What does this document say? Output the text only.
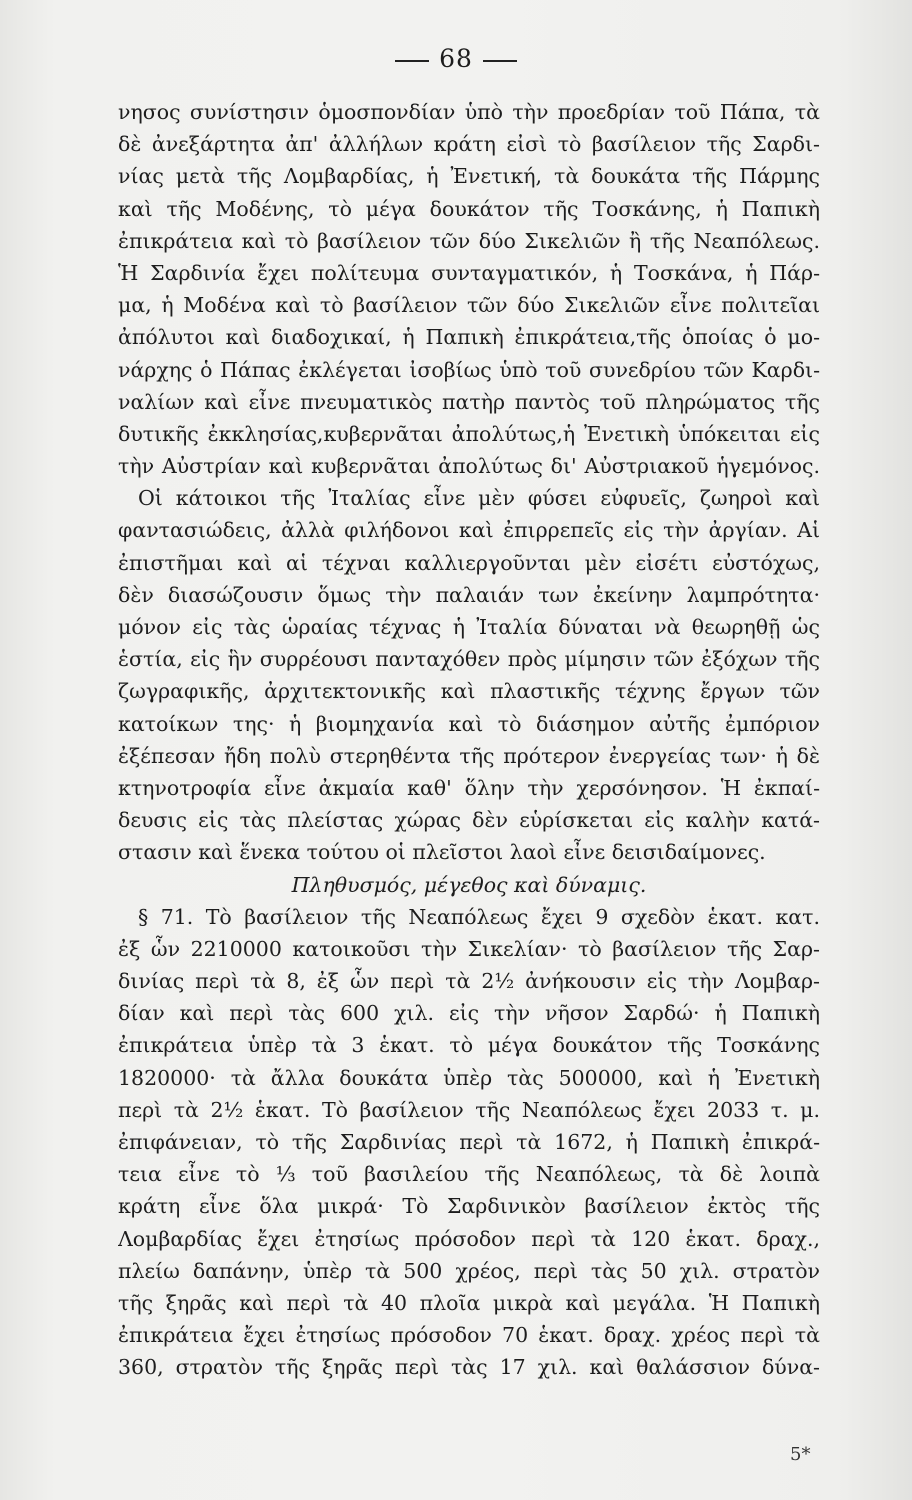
68
νησος συνίστησιν ὁμοσπονδίαν ὑπὸ τὴν προεδρίαν τοῦ Πάπα, τὰ
δὲ ἀνεξάρτητα ἀπ' ἀλλήλων κράτη εἰσὶ τὸ βασίλειον τῆς Σαρδι-
νίας μετὰ τῆς Λομβαρδίας, ἡ Ἐνετική, τὰ δουκάτα τῆς Πάρμης
καὶ τῆς Μοδένης, τὸ μέγα δουκάτον τῆς Τοσκάνης, ἡ Παπικὴ
ἐπικράτεια καὶ τὸ βασίλειον τῶν δύο Σικελιῶν ἢ τῆς Νεαπόλεως.
Ἡ Σαρδινία ἔχει πολίτευμα συνταγματικόν, ἡ Τοσκάνα, ἡ Πάρ-
μα, ἡ Μοδένα καὶ τὸ βασίλειον τῶν δύο Σικελιῶν εἶνε πολιτεῖαι
ἀπόλυτοι καὶ διαδοχικαί, ἡ Παπικὴ ἐπικράτεια,τῆς ὁποίας ὁ μο-
νάρχης ὁ Πάπας ἐκλέγεται ἰσοβίως ὑπὸ τοῦ συνεδρίου τῶν Καρδι-
ναλίων καὶ εἶνε πνευματικὸς πατὴρ παντὸς τοῦ πληρώματος τῆς
δυτικῆς ἐκκλησίας,κυβερνᾶται ἀπολύτως,ἡ Ἐνετικὴ ὑπόκειται εἰς
τὴν Αὐστρίαν καὶ κυβερνᾶται ἀπολύτως δι' Αὐστριακοῦ ἡγεμόνος.
Οἱ κάτοικοι τῆς Ἰταλίας εἶνε μὲν φύσει εὐφυεῖς, ζωηροὶ καὶ
φαντασιώδεις, ἀλλὰ φιλήδονοι καὶ ἐπιρρεπεῖς εἰς τὴν ἀργίαν. Αἱ
ἐπιστῆμαι καὶ αἱ τέχναι καλλιεργοῦνται μὲν εἰσέτι εὐστόχως,
δὲν διασώζουσιν ὅμως τὴν παλαιάν των ἐκείνην λαμπρότητα·
μόνον εἰς τὰς ὡραίας τέχνας ἡ Ἰταλία δύναται νὰ θεωρηθῇ ὡς
ἑστία, εἰς ἣν συρρέουσι πανταχόθεν πρὸς μίμησιν τῶν ἐξόχων τῆς
ζωγραφικῆς, ἀρχιτεκτονικῆς καὶ πλαστικῆς τέχνης ἔργων τῶν
κατοίκων της· ἡ βιομηχανία καὶ τὸ διάσημον αὐτῆς ἐμπόριον
ἐξέπεσαν ἤδη πολὺ στερηθέντα τῆς πρότερον ἐνεργείας των· ἡ δὲ
κτηνοτροφία εἶνε ἀκμαία καθ' ὅλην τὴν χερσόνησον. Ἡ ἐκπαί-
δευσις εἰς τὰς πλείστας χώρας δὲν εὑρίσκεται εἰς καλὴν κατά-
στασιν καὶ ἕνεκα τούτου οἱ πλεῖστοι λαοὶ εἶνε δεισιδαίμονες.
Πληθυσμός, μέγεθος καὶ δύναμις.
§ 71. Τὸ βασίλειον τῆς Νεαπόλεως ἔχει 9 σχεδὸν ἑκατ. κατ.
ἐξ ὧν 2210000 κατοικοῦσι τὴν Σικελίαν· τὸ βασίλειον τῆς Σαρ-
δινίας περὶ τὰ 8, ἐξ ὧν περὶ τὰ 2½ ἀνήκουσιν εἰς τὴν Λομβαρ-
δίαν καὶ περὶ τὰς 600 χιλ. εἰς τὴν νῆσον Σαρδώ· ἡ Παπικὴ
ἐπικράτεια ὑπὲρ τὰ 3 ἑκατ. τὸ μέγα δουκάτον τῆς Τοσκάνης
1820000· τὰ ἄλλα δουκάτα ὑπὲρ τὰς 500000, καὶ ἡ Ἐνετικὴ
περὶ τὰ 2½ ἑκατ. Τὸ βασίλειον τῆς Νεαπόλεως ἔχει 2033 τ. μ.
ἐπιφάνειαν, τὸ τῆς Σαρδινίας περὶ τὰ 1672, ἡ Παπικὴ ἐπικρά-
τεια εἶνε τὸ ⅓ τοῦ βασιλείου τῆς Νεαπόλεως, τὰ δὲ λοιπὰ
κράτη εἶνε ὅλα μικρά· Τὸ Σαρδινικὸν βασίλειον ἐκτὸς τῆς
Λομβαρδίας ἔχει ἐτησίως πρόσοδον περὶ τὰ 120 ἑκατ. δραχ.,
πλείω δαπάνην, ὑπὲρ τὰ 500 χρέος, περὶ τὰς 50 χιλ. στρατὸν
τῆς ξηρᾶς καὶ περὶ τὰ 40 πλοῖα μικρὰ καὶ μεγάλα. Ἡ Παπικὴ
ἐπικράτεια ἔχει ἐτησίως πρόσοδον 70 ἑκατ. δραχ. χρέος περὶ τὰ
360, στρατὸν τῆς ξηρᾶς περὶ τὰς 17 χιλ. καὶ θαλάσσιον δύνα-
5*
